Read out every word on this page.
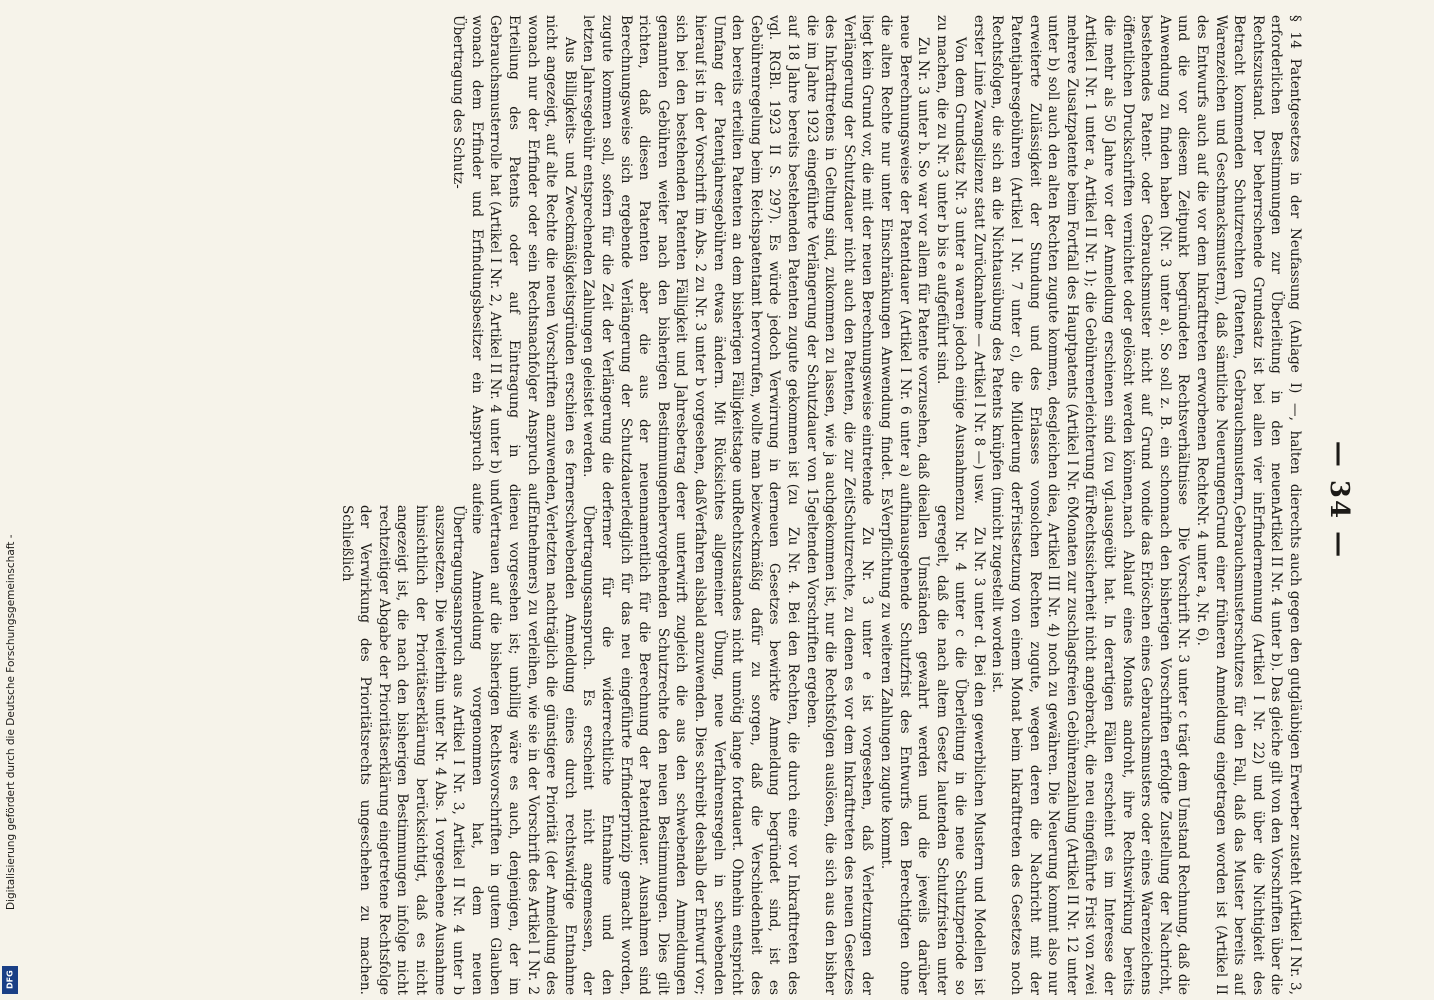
— 34 —

§ 14 Patentgesetzes in der Neufassung (Anlage I) —, halten die erforderlichen Bestimmungen zur Überleitung in den neuen Rechtszustand. Der beherrschende Grundsatz ist bei allen vier in Betracht kommenden Schutzrechten (Patenten, Gebrauchsmustern, Warenzeichen und Geschmacksmustern), daß sämtliche Neuerungen des Entwurfs auch auf die vor dem Inkrafttreten erworbenen Rechte und die vor diesem Zeitpunkt begründeten Rechtsverhältnisse Anwendung zu finden haben (Nr. 3 unter a). So soll z. B. ein schon bestehendes Patent- oder Gebrauchsmuster nicht auf Grund von öffentlichen Druckschriften vernichtet oder gelöscht werden können, die mehr als 50 Jahre vor der Anmeldung erschienen sind (zu vgl. Artikel I Nr. 1 unter a, Artikel II Nr. 1); die Gebührenerleichterung für mehrere Zusatzpatente beim Fortfall des Hauptpatents (Artikel I Nr. 6 unter b) soll auch den alten Rechten zugute kommen, desgleichen die erweiterte Zulässigkeit der Stundung und des Erlasses von Patentjahresgebühren (Artikel I Nr. 7 unter c), die Milderung der Rechtsfolgen, die sich an die Nichtausübung des Patents knüpfen (in erster Linie Zwangslizenz statt Zurücknahme — Artikel I Nr. 8 —) usw.

Von dem Grundsatz Nr. 3 unter a waren jedoch einige Ausnahmen zu machen, die zu Nr. 3 unter b bis e aufgeführt sind.

Zu Nr. 3 unter b. So war vor allem für Patente vorzusehen, daß die neue Berechnungsweise der Patentdauer (Artikel I Nr. 6 unter a) auf die alten Rechte nur unter Einschränkungen Anwendung findet. Es liegt kein Grund vor, die mit der neuen Berechnungsweise eintretende Verlängerung der Schutzdauer nicht auch den Patenten, die zur Zeit des Inkrafttretens in Geltung sind, zukommen zu lassen, wie ja auch die im Jahre 1923 eingeführte Verlängerung der Schutzdauer von 15 auf 18 Jahre bereits bestehenden Patenten zugute gekommen ist (zu vgl. RGBl. 1923 II S. 297). Es würde jedoch Verwirrung in der Gebührenregelung beim Reichspatentamt hervorrufen, wollte man bei den bereits erteilten Patenten an dem bisherigen Fälligkeitstage und Umfang der Patentjahresgebühren etwas ändern. Mit Rücksicht hierauf ist in der Vorschrift im Abs. 2 zu Nr. 3 unter b vorgesehen, daß sich bei den bestehenden Patenten Fälligkeit und Jahresbetrag der genannten Gebühren weiter nach den bisherigen Bestimmungen richten, daß diesen Patenten aber die aus der neuen Berechnungsweise sich ergebende Verlängerung der Schutzdauer zugute kommen soll, sofern für die Zeit der Verlängerung die der letzten Jahresgebühr entsprechenden Zahlungen geleistet werden.

Aus Billigkeits- und Zweckmäßigkeitsgründen erschien es ferner nicht angezeigt, auf alte Rechte die neuen Vorschriften anzuwenden, wonach nur der Erfinder oder sein Rechtsnachfolger Anspruch auf Erteilung des Patents oder auf Eintragung in die Gebrauchsmusterrolle hat (Artikel I Nr. 2, Artikel II Nr. 4 unter b) und wonach dem Erfinder und Erfindungsbesitzer ein Anspruch auf Übertragung des Schutz-

rechts auch gegen den gutgläubigen Erwerber zusteht (Artikel I Nr. 3, Artikel II Nr. 4 unter b). Das gleiche gilt von den Vorschriften über die Erfindernennung (Artikel I Nr. 22) und über die Nichtigkeit des Gebrauchsmusterschutzes für den Fall, daß das Muster bereits auf Grund einer früheren Anmeldung eingetragen worden ist (Artikel II Nr. 4 unter a, Nr. 6).

Die Vorschrift Nr. 3 unter c trägt dem Umstand Rechnung, daß die nach den bisherigen Vorschriften erfolgte Zustellung der Nachricht, die das Erlöschen eines Gebrauchsmusters oder eines Warenzeichens nach Ablauf eines Monats androht, ihre Rechtswirkung bereits ausgeübt hat. In derartigen Fällen erscheint es im Interesse der Rechtssicherheit nicht angebracht, die neu eingeführte Frist von zwei Monaten zur zuschlagsfreien Gebührenzahlung (Artikel II Nr. 12 unter a, Artikel III Nr. 4) noch zu gewähren. Die Neuerung kommt also nur solchen Rechten zugute, wegen deren die Nachricht mit der Fristsetzung von einem Monat beim Inkrafttreten des Gesetzes noch nicht zugestellt worden ist.

Zu Nr. 3 unter d. Bei den gewerblichen Mustern und Modellen ist zu Nr. 4 unter c die Überleitung in die neue Schutzperiode so geregelt, daß die nach altem Gesetz lautenden Schutzfristen unter allen Umständen gewahrt werden und die jeweils darüber hinausgehende Schutzfrist des Entwurfs den Berechtigten ohne Verpflichtung zu weiteren Zahlungen zugute kommt.

Zu Nr. 3 unter e ist vorgesehen, daß Verletzungen der Schutzrechte, zu denen es vor dem Inkrafttreten des neuen Gesetzes gekommen ist, nur die Rechtsfolgen auslösen, die sich aus den bisher geltenden Vorschriften ergeben.

Zu Nr. 4. Bei den Rechten, die durch eine vor Inkrafttreten des neuen Gesetzes bewirkte Anmeldung begründet sind, ist es zweckmäßig dafür zu sorgen, daß die Verschiedenheit des Rechtszustandes nicht unnötig lange fortdauert. Ohnehin entspricht es allgemeiner Übung, neue Verfahrensregeln in schwebenden Verfahren alsbald anzuwenden. Dies schreibt deshalb der Entwurf vor; er unterwirft zugleich die aus den schwebenden Anmeldungen hervorgehenden Schutzrechte den neuen Bestimmungen. Dies gilt namentlich für die Berechnung der Patentdauer. Ausnahmen sind lediglich für das neu eingeführte Erfinderprinzip gemacht worden, ferner für die widerrechtliche Entnahme und den Übertragungsanspruch. Es erscheint nicht angemessen, der schwebenden Anmeldung eines durch rechtswidrige Entnahme Verletzten nachträglich die günstigere Priorität (der Anmeldung des Entnehmers) zu verleihen, wie sie in der Vorschrift des Artikel I Nr. 2 neu vorgesehen ist; unbillig wäre es auch, denjenigen, der im Vertrauen auf die bisherigen Rechtsvorschriften in gutem Glauben eine Anmeldung vorgenommen hat, dem neuen Übertragungsanspruch aus Artikel I Nr. 3, Artikel II Nr. 4 unter b auszusetzen. Die weiterhin unter Nr. 4 Abs. 1 vorgesehene Ausnahme hinsichtlich der Prioritätserklärung berücksichtigt, daß es nicht angezeigt ist, die nach den bisherigen Bestimmungen infolge nicht rechtzeitiger Abgabe der Prioritätserklärung eingetretene Rechtsfolge der Verwirkung des Prioritätsrechts ungeschehen zu machen. Schließlich

Digitalisierung gefördert durch die Deutsche Forschungsgemeinschaft -
DFG
